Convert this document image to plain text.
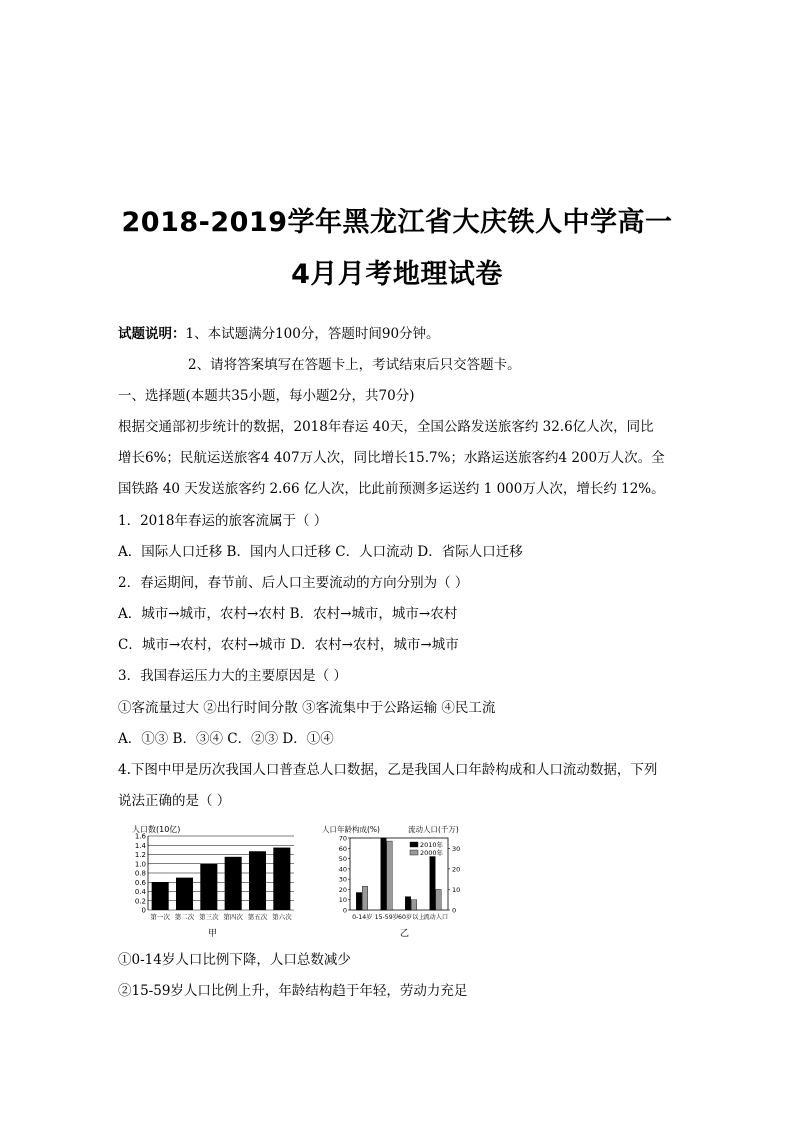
2018-2019学年黑龙江省大庆铁人中学高一
4月月考地理试卷
试题说明：1、本试题满分100分，答题时间90分钟。
2、请将答案填写在答题卡上，考试结束后只交答题卡。
一、选择题(本题共35小题，每小题2分，共70分)
根据交通部初步统计的数据，2018年春运 40天，全国公路发送旅客约 32.6亿人次，同比
增长6%；民航运送旅客4 407万人次，同比增长15.7%；水路运送旅客约4 200万人次。全
国铁路 40 天发送旅客约 2.66 亿人次，比此前预测多运送约 1 000万人次，增长约 12%。
1．2018年春运的旅客流属于（ ）
A．国际人口迁移 B．国内人口迁移 C．人口流动 D．省际人口迁移
2．春运期间，春节前、后人口主要流动的方向分别为（ ）
A．城市→城市，农村→农村 B．农村→城市，城市→农村
C．城市→农村，农村→城市 D．农村→农村，城市→城市
3．我国春运压力大的主要原因是（ ）
①客流量过大 ②出行时间分散 ③客流集中于公路运输 ④民工流
A．①③ B．③④ C．②③ D．①④
4.下图中甲是历次我国人口普查总人口数据，乙是我国人口年龄构成和人口流动数据，下列
说法正确的是（ ）
人口数(10亿)
0
0.2
0.4
0.6
0.8
1.0
1.2
1.4
1.6
第一次 第二次 第三次 第四次 第五次 第六次
甲
人口年龄构成(%)	流动人口(千万)
0
10
20
30
40
50
60
70
0
10
20
30
0-14岁 15-59岁 60岁以上
流动人口
2010年
2000年
乙
①0-14岁人口比例下降，人口总数减少
②15-59岁人口比例上升，年龄结构趋于年轻，劳动力充足
